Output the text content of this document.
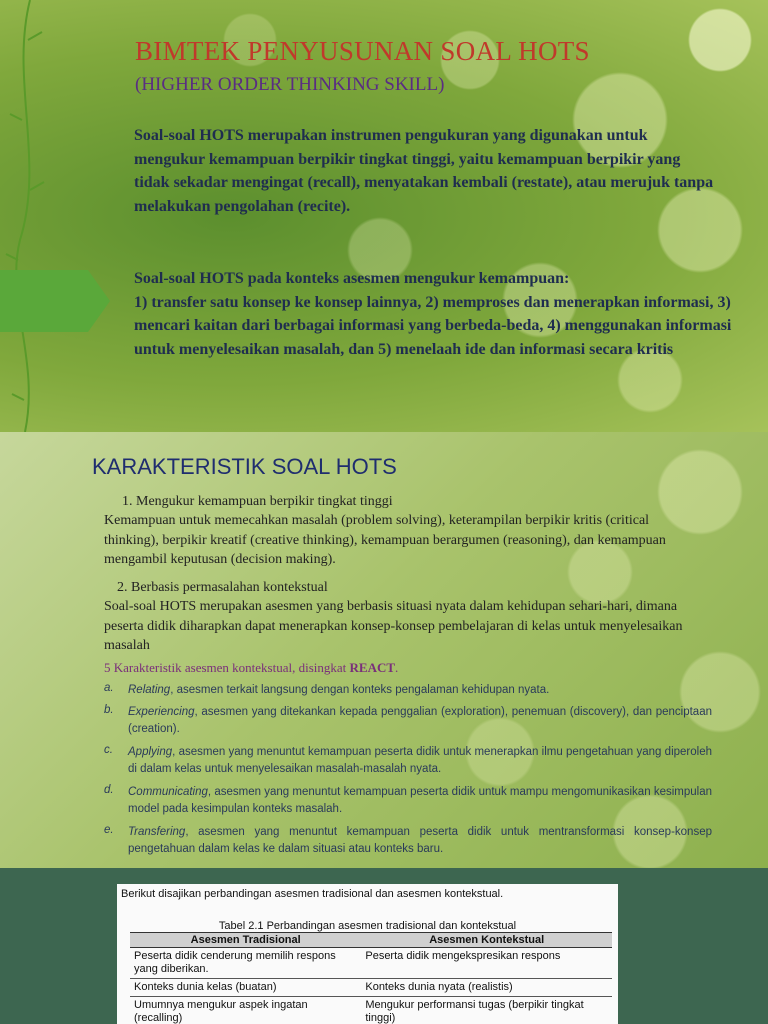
BIMTEK PENYUSUNAN SOAL HOTS
(HIGHER ORDER THINKING SKILL)
Soal-soal HOTS merupakan instrumen pengukuran yang digunakan untuk mengukur kemampuan berpikir tingkat tinggi, yaitu kemampuan berpikir yang tidak sekadar mengingat (recall), menyatakan kembali (restate), atau merujuk tanpa melakukan pengolahan (recite).
Soal-soal HOTS pada konteks asesmen mengukur kemampuan:
1) transfer satu konsep ke konsep lainnya, 2) memproses dan menerapkan informasi, 3) mencari kaitan dari berbagai informasi yang berbeda-beda, 4) menggunakan informasi untuk menyelesaikan masalah, dan 5) menelaah ide dan informasi secara kritis
KARAKTERISTIK SOAL HOTS
1. Mengukur kemampuan berpikir tingkat tinggi
Kemampuan untuk memecahkan masalah (problem solving), keterampilan berpikir kritis (critical thinking), berpikir kreatif (creative thinking), kemampuan berargumen (reasoning), dan kemampuan mengambil keputusan (decision making).
2. Berbasis permasalahan kontekstual
Soal-soal HOTS merupakan asesmen yang berbasis situasi nyata dalam kehidupan sehari-hari, dimana peserta didik diharapkan dapat menerapkan konsep-konsep pembelajaran di kelas untuk menyelesaikan masalah
5 Karakteristik asesmen kontekstual, disingkat REACT.
a. Relating, asesmen terkait langsung dengan konteks pengalaman kehidupan nyata.
b. Experiencing, asesmen yang ditekankan kepada penggalian (exploration), penemuan (discovery), dan penciptaan (creation).
c. Applying, asesmen yang menuntut kemampuan peserta didik untuk menerapkan ilmu pengetahuan yang diperoleh di dalam kelas untuk menyelesaikan masalah-masalah nyata.
d. Communicating, asesmen yang menuntut kemampuan peserta didik untuk mampu mengomunikasikan kesimpulan model pada kesimpulan konteks masalah.
e. Transfering, asesmen yang menuntut kemampuan peserta didik untuk mentransformasi konsep-konsep pengetahuan dalam kelas ke dalam situasi atau konteks baru.
Berikut disajikan perbandingan asesmen tradisional dan asesmen kontekstual.
Tabel 2.1 Perbandingan asesmen tradisional dan kontekstual
Asesmen Tradisional	Asesmen Kontekstual
Peserta didik cenderung memilih respons yang diberikan.	Peserta didik mengekspresikan respons
Konteks dunia kelas (buatan)	Konteks dunia nyata (realistis)
Umumnya mengukur aspek ingatan (recalling)	Mengukur performansi tugas (berpikir tingkat tinggi)
